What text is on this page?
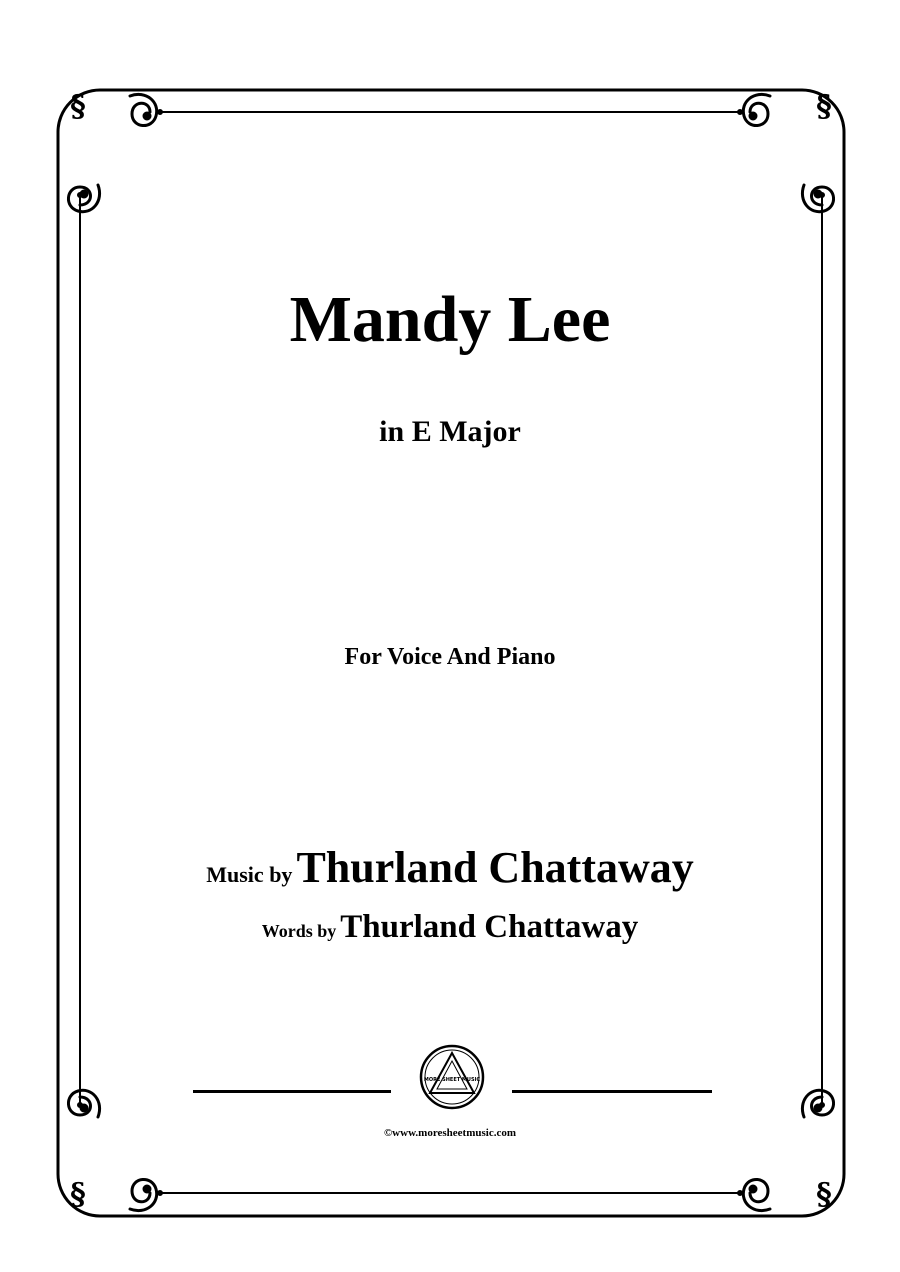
§	§
§	§
Mandy Lee
in E Major
For Voice And Piano
Music by Thurland Chattaway
Words by Thurland Chattaway
MORE SHEET MUSIC
©www.moresheetmusic.com
